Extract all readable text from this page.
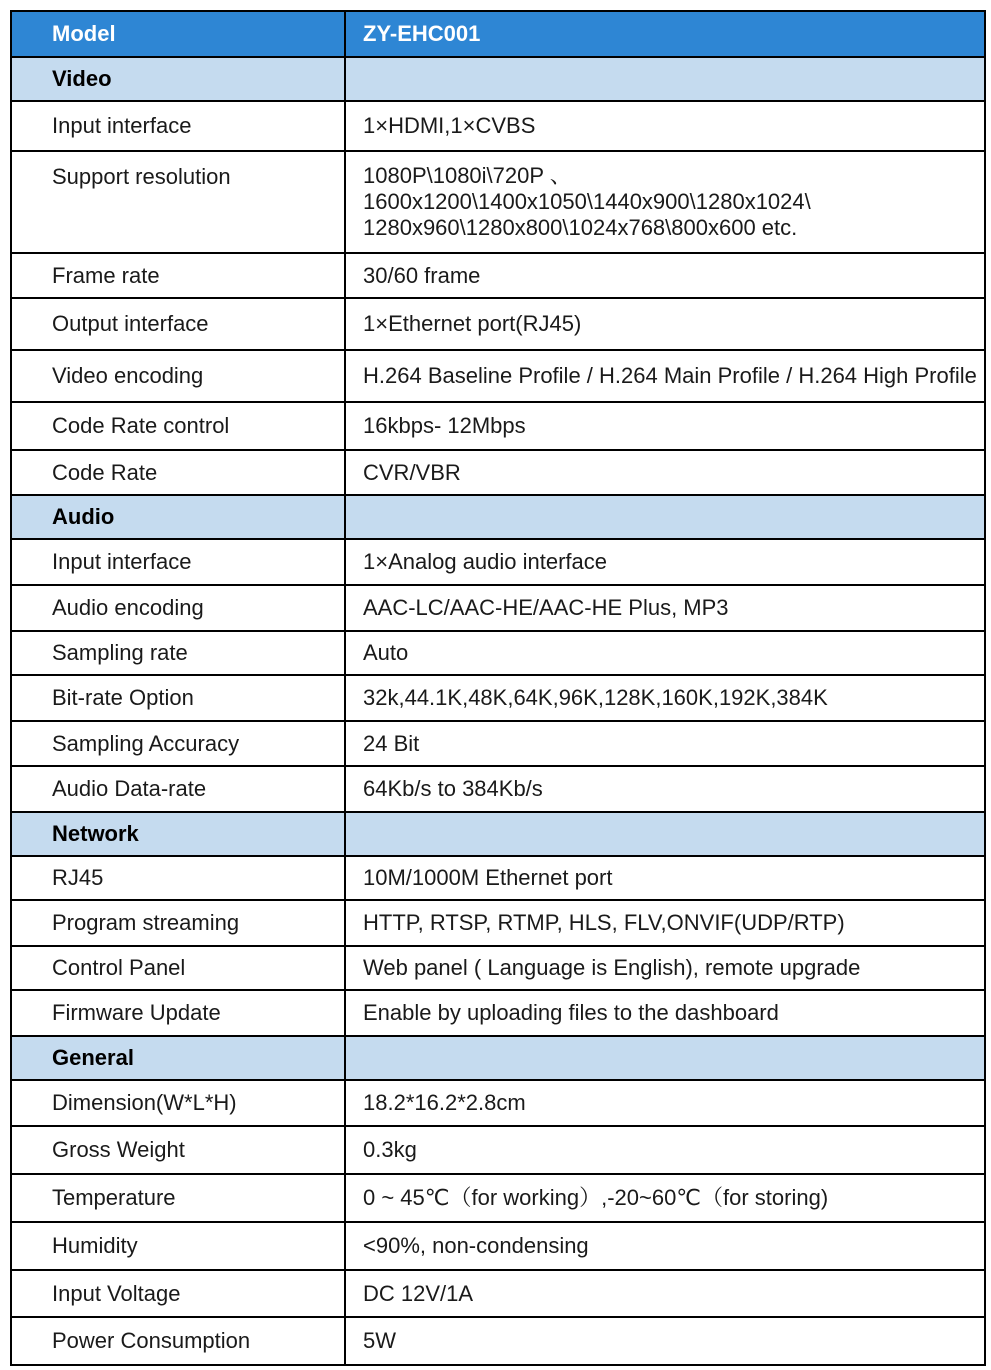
Model	ZY-EHC001
Video	
Input interface	1×HDMI,1×CVBS
Support resolution	1080P\1080i\720P 、1600x1200\1400x1050\1440x900\1280x1024\
1280x960\1280x800\1024x768\800x600 etc.

Frame rate	30/60 frame
Output interface	1×Ethernet port(RJ45)
Video encoding	H.264 Baseline Profile / H.264 Main Profile / H.264 High Profile
Code Rate control	16kbps- 12Mbps
Code Rate	CVR/VBR
Audio	
Input interface	1×Analog audio interface
Audio encoding	AAC-LC/AAC-HE/AAC-HE Plus, MP3
Sampling rate	Auto
Bit-rate Option	32k,44.1K,48K,64K,96K,128K,160K,192K,384K
Sampling Accuracy	24 Bit
Audio Data-rate	64Kb/s to 384Kb/s
Network	
RJ45	10M/1000M Ethernet port
Program streaming	HTTP, RTSP, RTMP, HLS, FLV,ONVIF(UDP/RTP)
Control Panel	Web panel ( Language is English), remote upgrade
Firmware Update	Enable by uploading files to the dashboard
General	
Dimension(W*L*H)	18.2*16.2*2.8cm
Gross Weight	0.3kg
Temperature	0 ~ 45℃（for working）,-20~60℃（for storing)
Humidity	<90%, non-condensing
Input Voltage	DC 12V/1A
Power Consumption	5W
